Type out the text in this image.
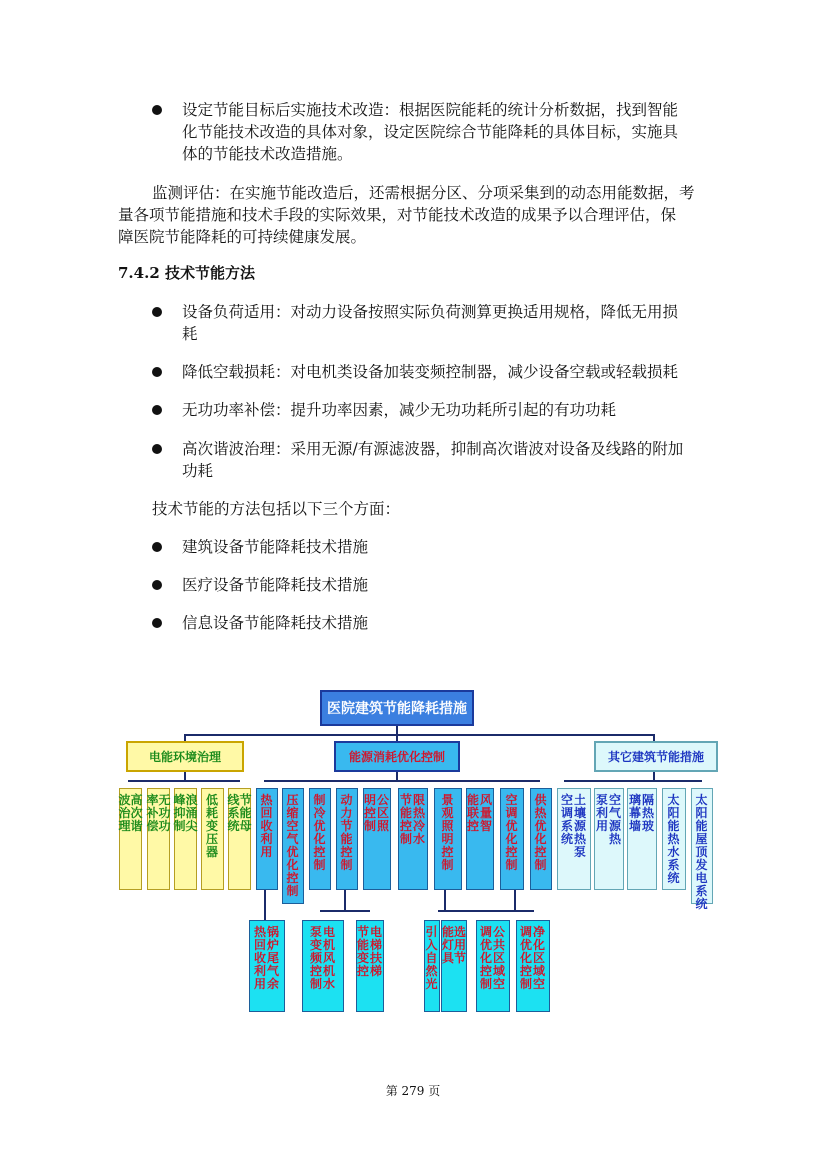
设定节能目标后实施技术改造：根据医院能耗的统计分析数据，找到智能
化节能技术改造的具体对象，设定医院综合节能降耗的具体目标，实施具
体的节能技术改造措施。

监测评估：在实施节能改造后，还需根据分区、分项采集到的动态用能数据，考
量各项节能措施和技术手段的实际效果，对节能技术改造的成果予以合理评估，保
障医院节能降耗的可持续健康发展。

7.4.2 技术节能方法

设备负荷适用：对动力设备按照实际负荷测算更换适用规格，降低无用损
耗

降低空载损耗：对电机类设备加装变频控制器，减少设备空载或轻载损耗

无功功率补偿：提升功率因素，减少无功功耗所引起的有功功耗

高次谐波治理：采用无源/有源滤波器，抑制高次谐波对设备及线路的附加
功耗

技术节能的方法包括以下三个方面：

建筑设备节能降耗技术措施

医疗设备节能降耗技术措施

信息设备节能降耗技术措施

医院建筑节能降耗措施
电能环境治理	能源消耗优化控制	其它建筑节能措施
高次谐
波治理
无功功
率补偿
浪涌尖
峰抑制
低耗变压器
节能母
线系统
热回收利用
压缩空气优化控制
制冷优化控制
动力节能控制
公区照
明控制
限热冷水
节能控制
景观照明控制
风量智
能联控
空调优化控制
供热优化控制
锅炉尾气余
热回收利用
电机风机水
泵变频控制
电梯扶梯
节能变控
引入自然光
选用节
能灯具
公共区域空
调优化控制
净化区域空
调优化控制
土壤源热泵
空调系统
空气源热
泵利用
隔热玻
璃幕墙
太阳能热水系统
太阳能屋顶发电系统
第 279 页
